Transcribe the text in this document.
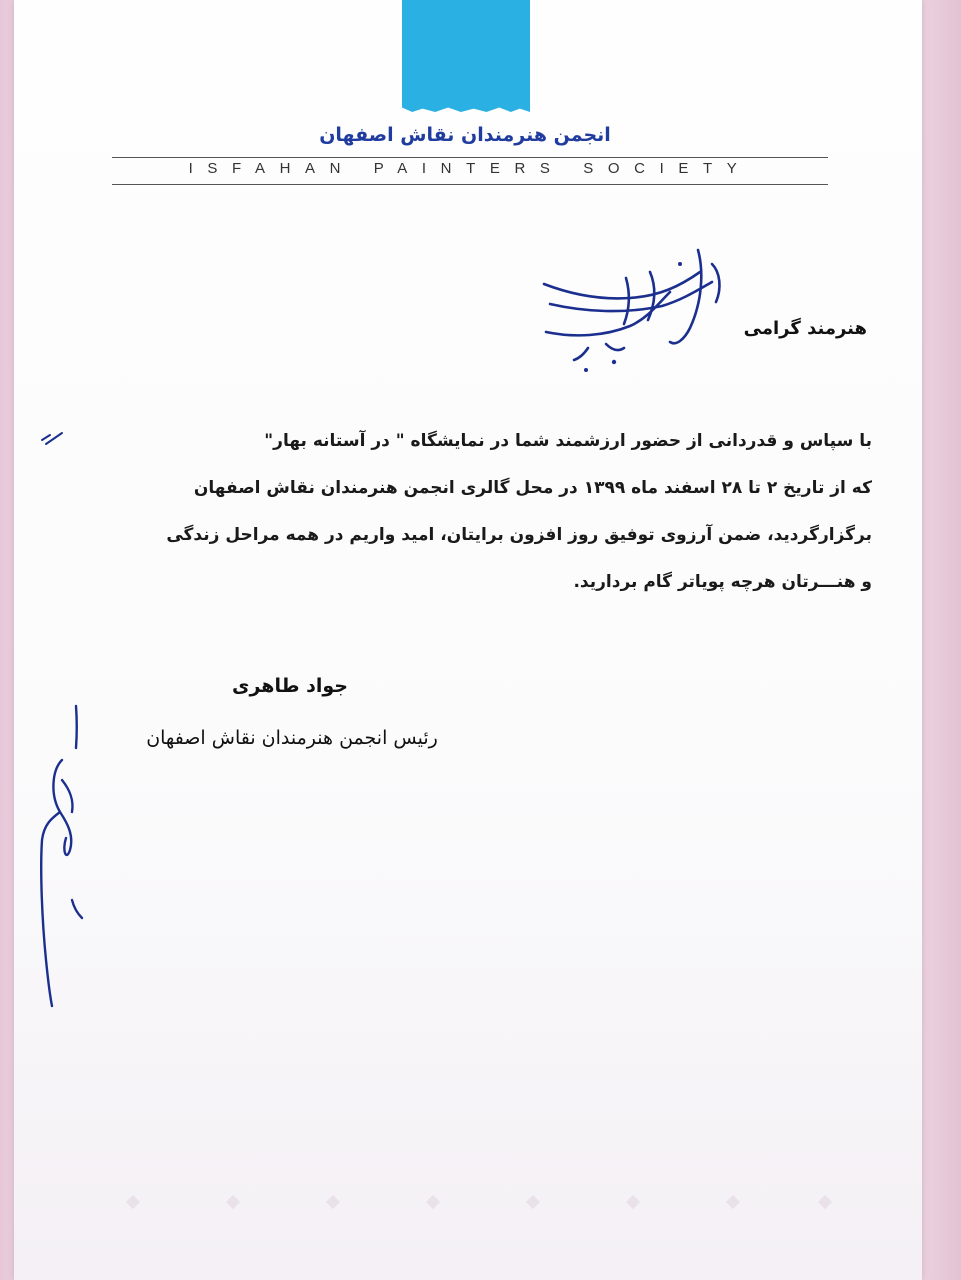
انجمن هنرمندان نقاش اصفهان
ISFAHAN PAINTERS SOCIETY
هنرمند گرامی
با سپاس و قدردانی از حضور ارزشمند شما در نمایشگاه " در آستانه بهار"
که از تاریخ ۲ تا ۲۸ اسفند ماه ۱۳۹۹ در محل گالری انجمن هنرمندان نقاش اصفهان
برگزارگردید، ضمن آرزوی توفیق روز افزون برایتان، امید واریم در همه مراحل زندگی
و هنـــرتان هرچه پویاتر گام بردارید.
جواد طاهری
رئیس انجمن هنرمندان نقاش اصفهان
